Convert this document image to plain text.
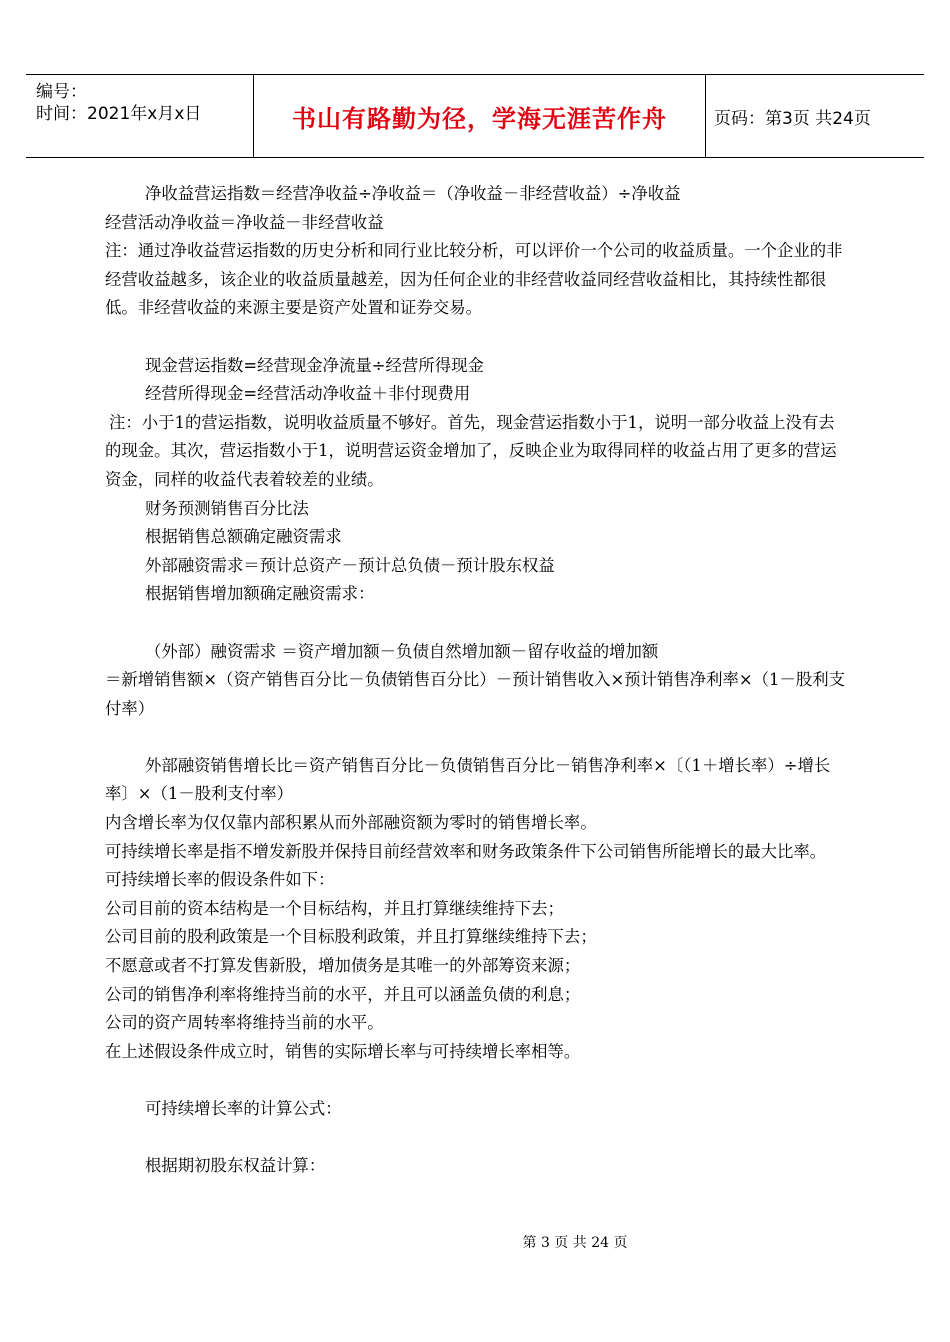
编号：
时间：2021年x月x日	书山有路勤为径，学海无涯苦作舟	页码：第3页 共24页

净收益营运指数＝经营净收益÷净收益＝（净收益－非经营收益）÷净收益

经营活动净收益＝净收益－非经营收益

注：通过净收益营运指数的历史分析和同行业比较分析，可以评价一个公司的收益质量。一个企业的非经营收益越多，该企业的收益质量越差，因为任何企业的非经营收益同经营收益相比，其持续性都很低。非经营收益的来源主要是资产处置和证券交易。

现金营运指数=经营现金净流量÷经营所得现金

经营所得现金=经营活动净收益＋非付现费用

注：小于1的营运指数，说明收益质量不够好。首先，现金营运指数小于1，说明一部分收益上没有去的现金。其次，营运指数小于1，说明营运资金增加了，反映企业为取得同样的收益占用了更多的营运资金，同样的收益代表着较差的业绩。

财务预测销售百分比法

根据销售总额确定融资需求

外部融资需求＝预计总资产－预计总负债－预计股东权益

根据销售增加额确定融资需求：

（外部）融资需求 ＝资产增加额－负债自然增加额－留存收益的增加额

＝新增销售额×（资产销售百分比－负债销售百分比）－预计销售收入×预计销售净利率×（1－股利支付率）

外部融资销售增长比＝资产销售百分比－负债销售百分比－销售净利率×〔（1＋增长率）÷增长率〕×（1－股利支付率）

内含增长率为仅仅靠内部积累从而外部融资额为零时的销售增长率。

可持续增长率是指不增发新股并保持目前经营效率和财务政策条件下公司销售所能增长的最大比率。

可持续增长率的假设条件如下：

公司目前的资本结构是一个目标结构，并且打算继续维持下去；

公司目前的股利政策是一个目标股利政策，并且打算继续维持下去；

不愿意或者不打算发售新股，增加债务是其唯一的外部筹资来源；

公司的销售净利率将维持当前的水平，并且可以涵盖负债的利息；

公司的资产周转率将维持当前的水平。

在上述假设条件成立时，销售的实际增长率与可持续增长率相等。

可持续增长率的计算公式：

根据期初股东权益计算：

第 3 页 共 24 页
